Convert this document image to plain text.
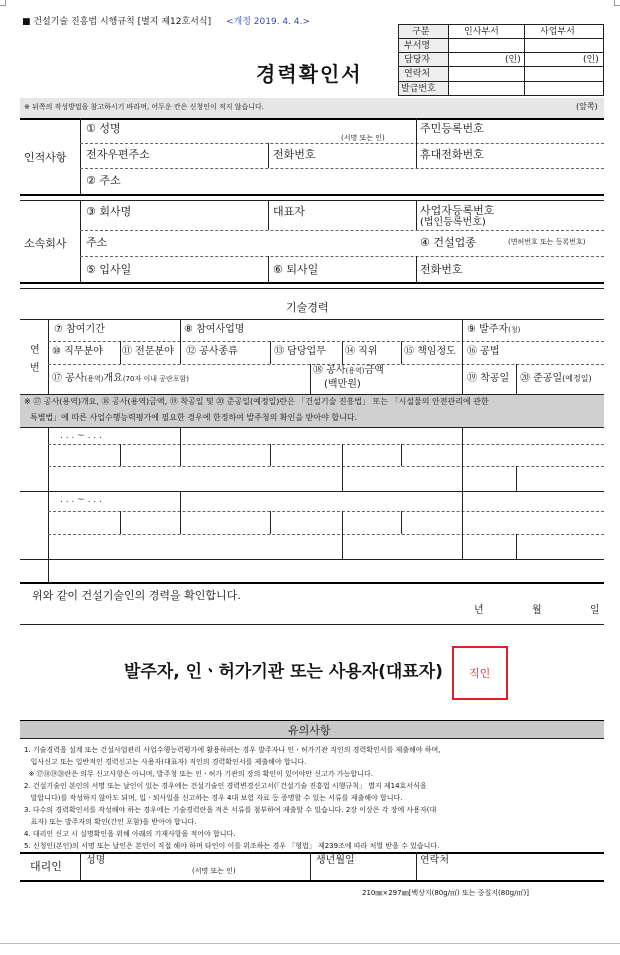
■ 건설기술 진흥법 시행규칙 [별지 제12호서식] <개정 2019. 4. 4.>
경력확인서
구분	인사부서	사업부서
부서명
담당자	(인)	(인)
연락처
발급번호
※ 뒤쪽의 작성방법을 참고하시기 바라며, 어두운 칸은 신청인이 적지 않습니다.	(앞쪽)
인적사항
① 성명
(서명 또는 인)
주민등록번호
전자우편주소	전화번호	휴대전화번호
② 주소
소속회사
③ 회사명	대표자	사업자등록번호
(법인등록번호)
주소	④ 건설업종	(면허번호 또는 등록번호)
⑤ 입사일	⑥ 퇴사일	전화번호
기술경력
연
번
⑦ 참여기간	⑧ 참여사업명	⑨ 발주자(청)
⑩ 직무분야 ⑪ 전문분야 ⑫ 공사종류	⑬ 담당업무 ⑭ 직위	⑮ 책임정도 ⑯ 공법
⑰ 공사(용역)개요(70자 이내 공란포함)
⑱ 공사(용역)금액
(백만원)
⑲ 착공일 ⑳ 준공일(예정일)
※ ⑰ 공사(용역)개요, ⑱ 공사(용역)금액, ⑲ 착공일 및 ⑳ 준공일(예정일)란은 「건설기술 진흥법」 또는 「시설물의 안전관리에 관한
특별법」에 따른 사업수행능력평가에 필요한 경우에 한정하여 발주청의 확인을 받아야 합니다.
. . . ~ . . .
. . . ~ . . .
위와 같이 건설기술인의 경력을 확인합니다.
년	월	일
발주자, 인ㆍ허가기관 또는 사용자(대표자) 직인
유의사항
1. 기술경력을 설계 또는 건설사업관리 사업수행능력평가에 활용하려는 경우 발주자나 인ㆍ허가기관 직인의 경력확인서를 제출해야 하며,
입사신고 또는 일반적인 경력신고는 사용자(대표자) 직인의 경력확인서를 제출해야 합니다.
※ ⑰⑱⑲⑳란은 의무 신고사항은 아니며, 발주청 또는 인ㆍ허가 기관의 장의 확인이 있어야만 신고가 가능합니다.
2. 건설기술인 본인의 서명 또는 날인이 있는 경우에는 건설기술인 경력변경신고서(「건설기술 진흥법 시행규칙」 별지 제14호서식을
말합니다)를 작성하지 않아도 되며, 입ㆍ퇴사일을 신고하는 경우 4대 보험 자료 등 증명할 수 있는 서류를 제출해야 합니다.
3. 다수의 경력확인서를 작성해야 하는 경우에는 기술경력란을 적은 서류를 첨부하여 제출할 수 있습니다. 2장 이상은 각 장에 사용자(대
표자) 또는 발주자의 확인(간인 포함)을 받아야 합니다.
4. 대리인 신고 시 실명확인을 위해 아래의 기재사항을 적어야 합니다.
5. 신청인(본인)의 서명 또는 날인은 본인이 직접 해야 하며 타인이 이를 위조하는 경우 「형법」 제239조에 따라 처벌 받을 수 있습니다.
대리인 성명
(서명 또는 인)
생년월일	연락처
210㎜×297㎜[백상지(80g/㎡) 또는 중질지(80g/㎡)]
